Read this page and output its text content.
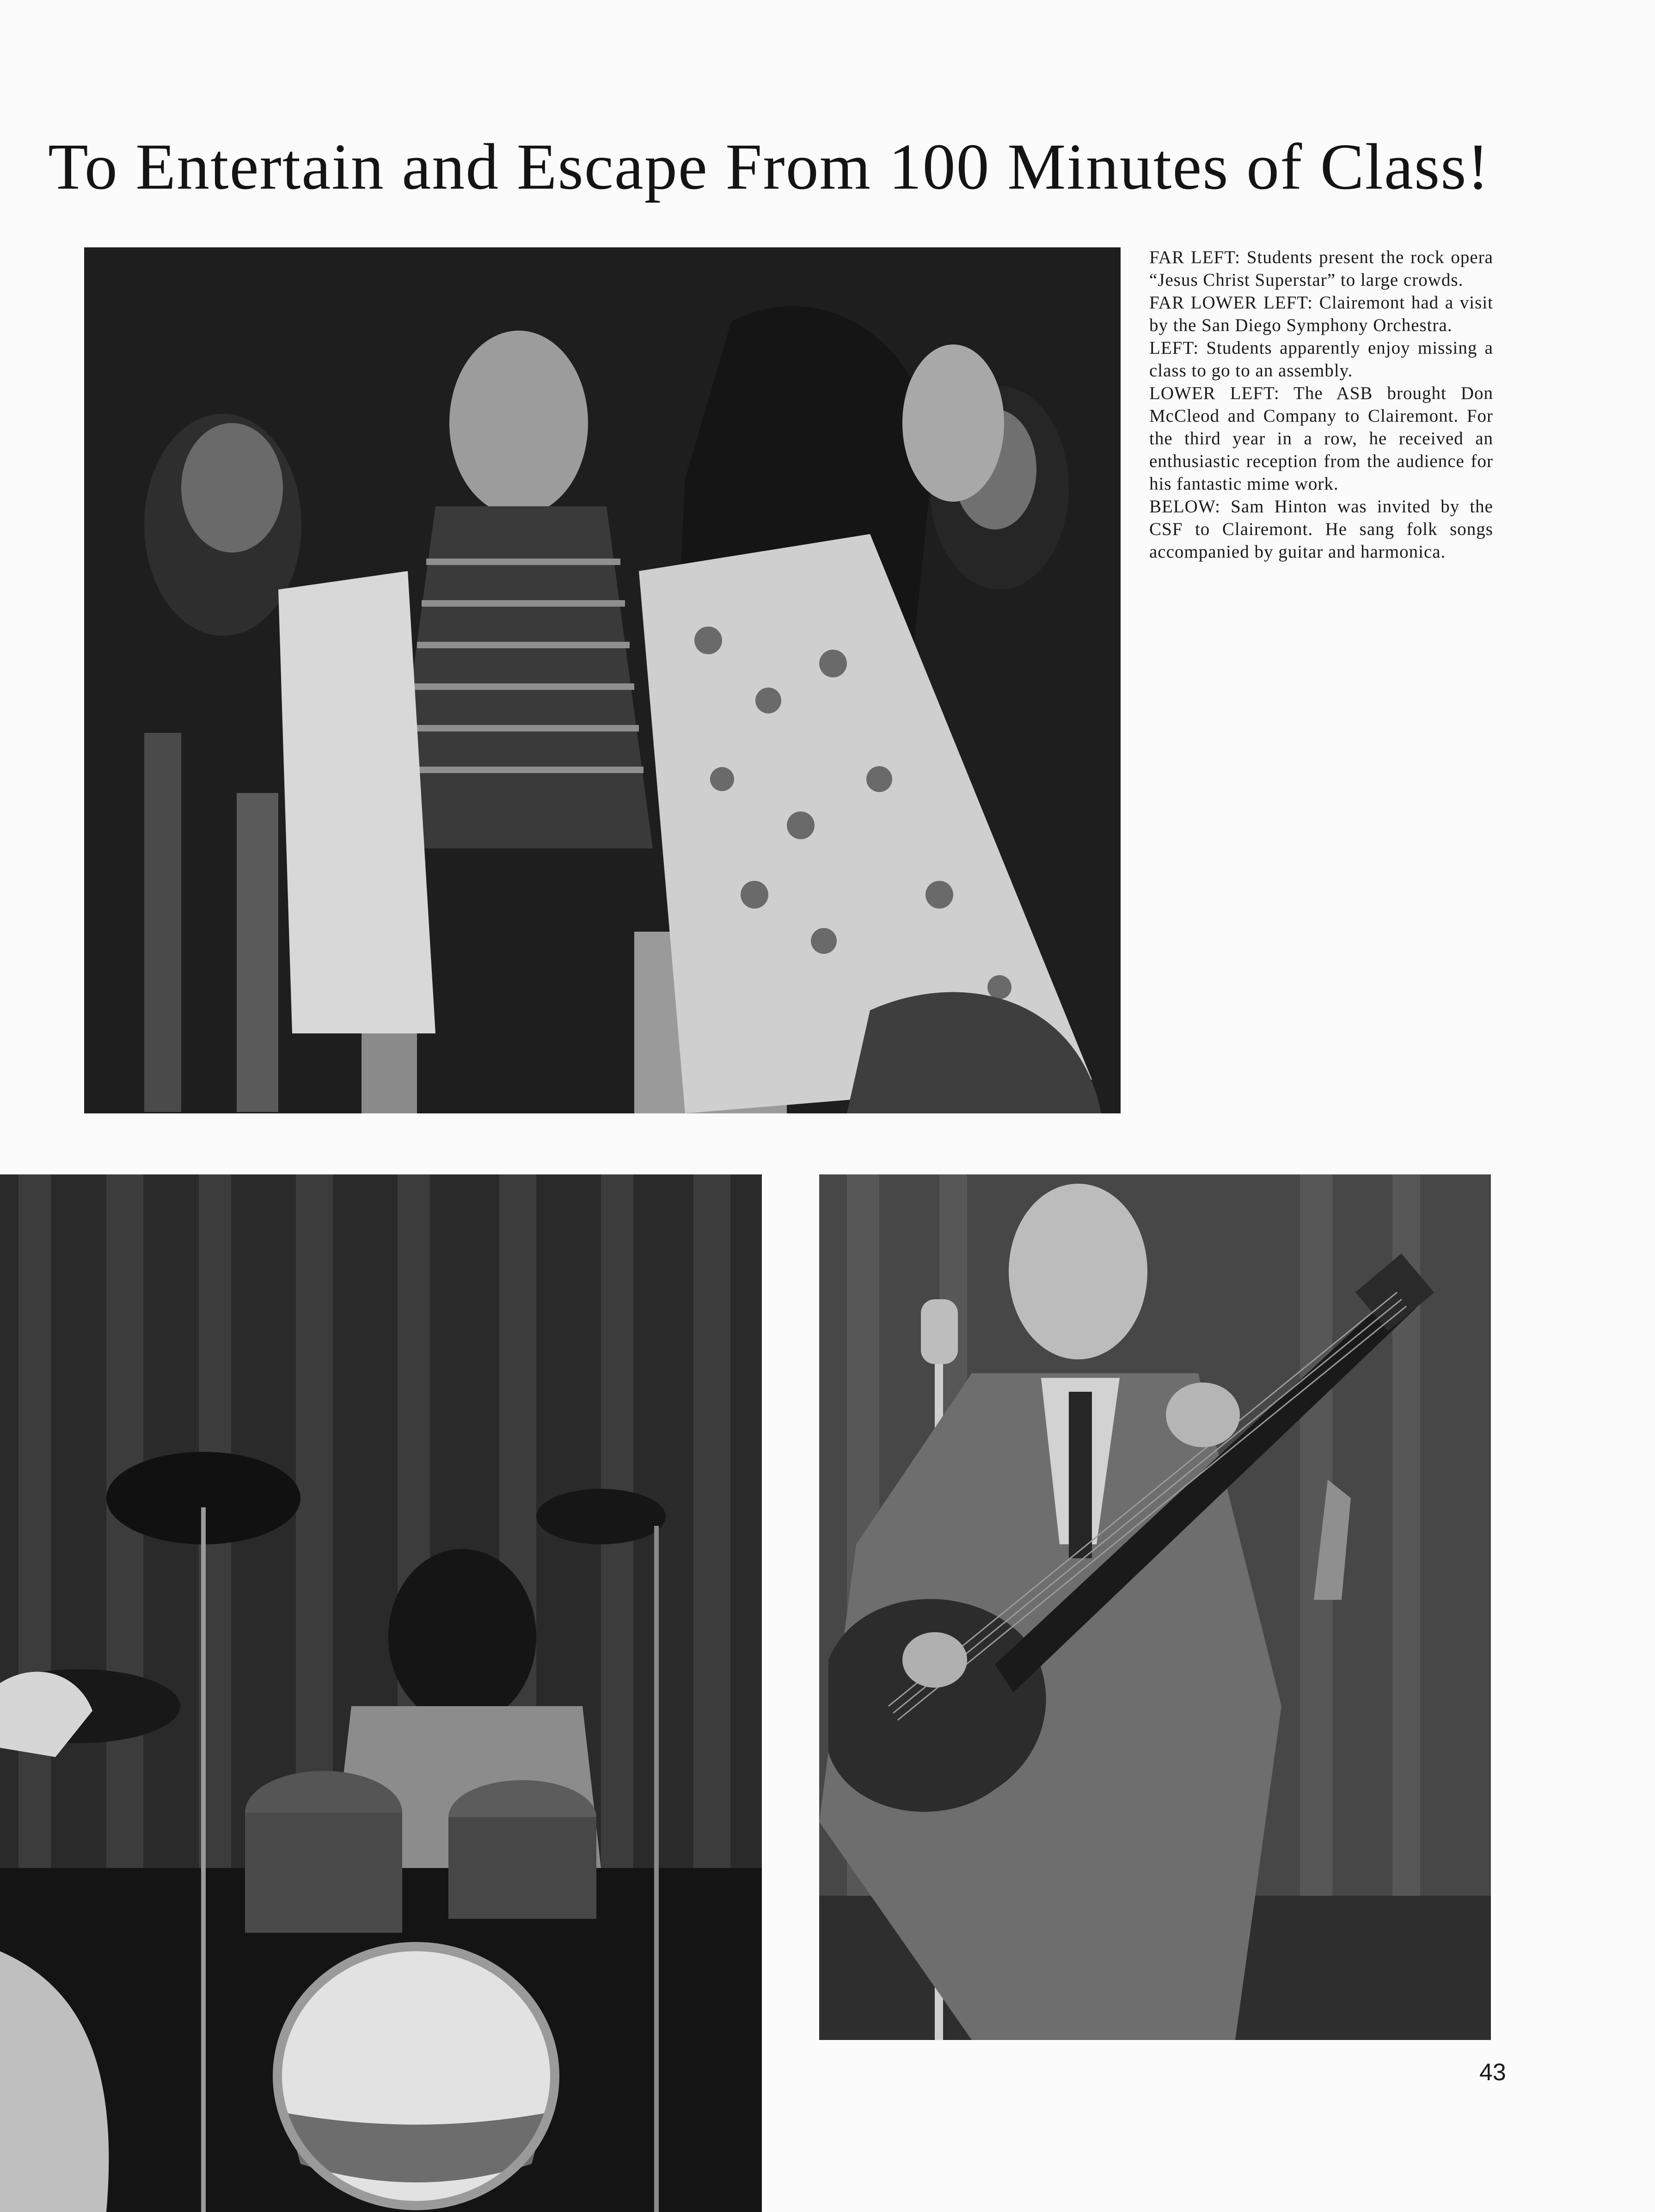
To Entertain and Escape From 100 Minutes of Class!

FAR LEFT: Students present the rock opera “Jesus Christ Superstar” to large crowds.

FAR LOWER LEFT: Clairemont had a visit by the San Diego Symphony Orchestra.

LEFT: Students apparently enjoy missing a class to go to an assembly.

LOWER LEFT: The ASB brought Don McCleod and Company to Clairemont. For the third year in a row, he received an enthusiastic reception from the audience for his fantastic mime work.

BELOW: Sam Hinton was invited by the CSF to Clairemont. He sang folk songs accompanied by guitar and harmonica.

43
